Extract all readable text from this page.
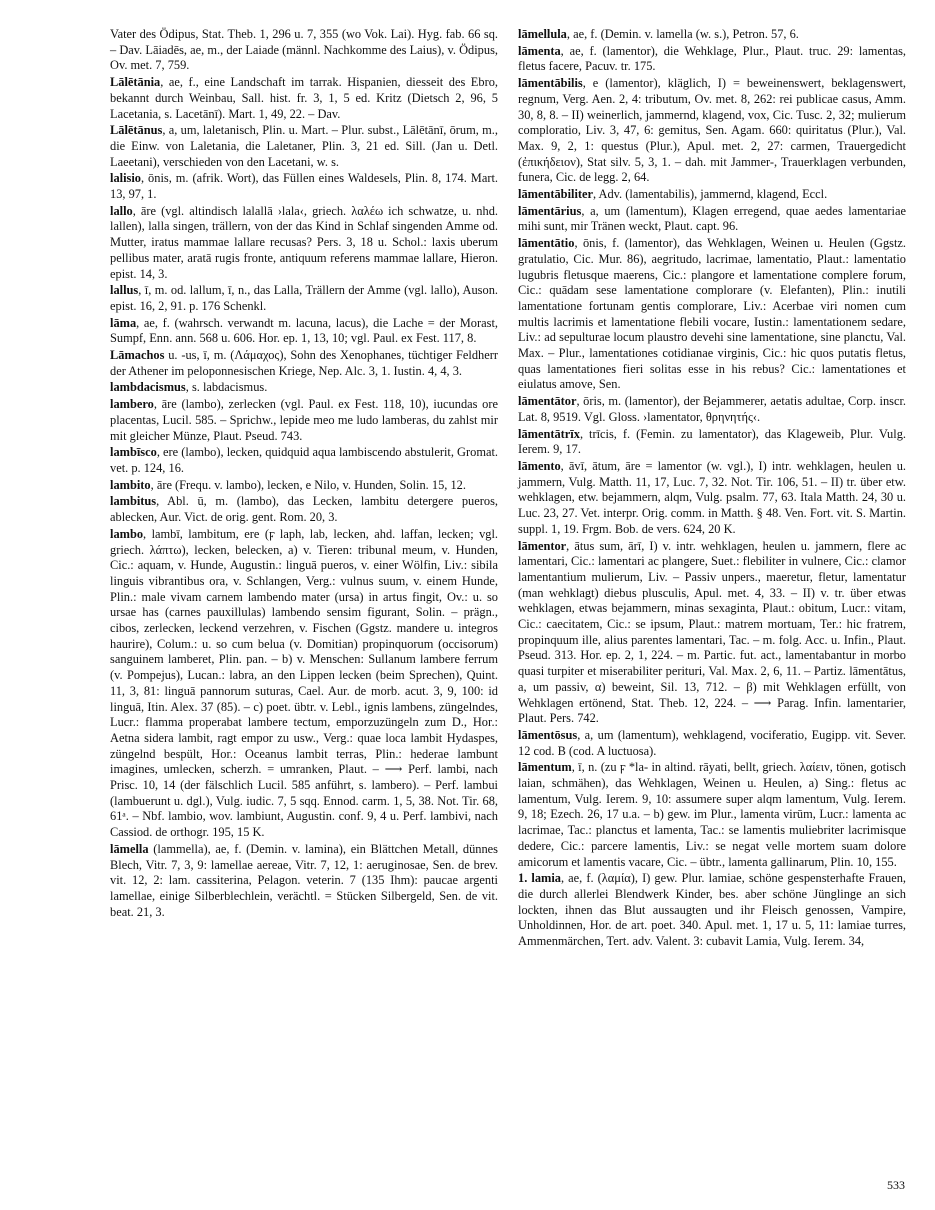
Vater des Ödipus, Stat. Theb. 1, 296 u. 7, 355 (wo Vok. Lai). Hyg. fab. 66 sq. – Dav. Lāiadēs, ae, m., der Laiade (männl. Nachkomme des Laius), v. Ödipus, Ov. met. 7, 759.
Lālētānia, ae, f., eine Landschaft im tarrak. Hispanien, diesseit des Ebro, bekannt durch Weinbau, Sall. hist. fr. 3, 1, 5 ed. Kritz (Dietsch 2, 96, 5 Lacetania, s. Lacetānī). Mart. 1, 49, 22. – Dav.
Lālētānus, a, um, laletanisch, Plin. u. Mart. – Plur. subst., Lālētānī, ōrum, m., die Einw. von Laletania, die Laletaner, Plin. 3, 21 ed. Sill. (Jan u. Detl. Laeetani), verschieden von den Lacetani, w. s.
lalisio, ōnis, m. (afrik. Wort), das Füllen eines Waldesels, Plin. 8, 174. Mart. 13, 97, 1.
lallo, āre (vgl. altindisch lalallā ›lala‹, griech. λαλέω ich schwatze, u. nhd. lallen), lalla singen, trällern, von der das Kind in Schlaf singenden Amme od. Mutter, iratus mammae lallare recusas? Pers. 3, 18 u. Schol.: laxis uberum pellibus mater, aratā rugis fronte, antiquum referens mammae lallare, Hieron. epist. 14, 3.
lallus, ī, m. od. lallum, ī, n., das Lalla, Trällern der Amme (vgl. lallo), Auson. epist. 16, 2, 91. p. 176 Schenkl.
lāma, ae, f. (wahrsch. verwandt m. lacuna, lacus), die Lache = der Morast, Sumpf, Enn. ann. 568 u. 606. Hor. ep. 1, 13, 10; vgl. Paul. ex Fest. 117, 8.
Lāmachos u. -us, ī, m. (Λάμαχος), Sohn des Xenophanes, tüchtiger Feldherr der Athener im peloponnesischen Kriege, Nep. Alc. 3, 1. Iustin. 4, 4, 3.
lambdacismus, s. labdacismus.
lambero, āre (lambo), zerlecken (vgl. Paul. ex Fest. 118, 10), iucundas ore placentas, Lucil. 585. – Sprichw., lepide meo me ludo lamberas, du zahlst mir mit gleicher Münze, Plaut. Pseud. 743.
lambīsco, ere (lambo), lecken, quidquid aqua lambiscendo abstulerit, Gromat. vet. p. 124, 16.
lambito, āre (Frequ. v. lambo), lecken, e Nilo, v. Hunden, Solin. 15, 12.
lambitus, Abl. ū, m. (lambo), das Lecken, lambitu detergere pueros, ablecken, Aur. Vict. de orig. gent. Rom. 20, 3.
lambo, lambī, lambitum, ere (ϝ laph, lab, lecken, ahd. laffan, lecken; vgl. griech. λάπτω), lecken, belecken, a) v. Tieren: tribunal meum, v. Hunden, Cic.: aquam, v. Hunde, Augustin.: linguā pueros, v. einer Wölfin, Liv.: sibila linguis vibrantibus ora, v. Schlangen, Verg.: vulnus suum, v. einem Hunde, Plin.: male vivam carnem lambendo mater (ursa) in artus fingit, Ov.: u. so ursae has (carnes pauxillulas) lambendo sensim figurant, Solin. – prägn., cibos, zerlecken, leckend verzehren, v. Fischen (Ggstz. mandere u. integros haurire), Colum.: u. so cum belua (v. Domitian) propinquorum (occisorum) sanguinem lamberet, Plin. pan. – b) v. Menschen: Sullanum lambere ferrum (v. Pompejus), Lucan.: labra, an den Lippen lecken (beim Sprechen), Quint. 11, 3, 81: linguā pannorum suturas, Cael. Aur. de morb. acut. 3, 9, 100: id linguā, Itin. Alex. 37 (85). – c) poet. übtr. v. Lebl., ignis lambens, züngelndes, Lucr.: flamma properabat lambere tectum, emporzuzüngeln zum D., Hor.: Aetna sidera lambit, ragt empor zu usw., Verg.: quae loca lambit Hydaspes, züngelnd bespült, Hor.: Oceanus lambit terras, Plin.: hederae lambunt imagines, umlecken, scherzh. = umranken, Plaut. – ⟶ Perf. lambi, nach Prisc. 10, 14 (der fälschlich Lucil. 585 anführt, s. lambero). – Perf. lambui (lambuerunt u. dgl.), Vulg. iudic. 7, 5 sqq. Ennod. carm. 1, 5, 38. Not. Tir. 68, 61ᵃ. – Nbf. lambio, wov. lambiunt, Augustin. conf. 9, 4 u. Perf. lambivi, nach Cassiod. de orthogr. 195, 15 K.
lāmella (lammella), ae, f. (Demin. v. lamina), ein Blättchen Metall, dünnes Blech, Vitr. 7, 3, 9: lamellae aereae, Vitr. 7, 12, 1: aeruginosae, Sen. de brev. vit. 12, 2: lam. cassiterina, Pelagon. veterin. 7 (135 Ihm): paucae argenti lamellae, einige Silberblechlein, verächtl. = Stücken Silbergeld, Sen. de vit. beat. 21, 3.
lāmellula, ae, f. (Demin. v. lamella (w. s.), Petron. 57, 6.
lāmenta, ae, f. (lamentor), die Wehklage, Plur., Plaut. truc. 29: lamentas, fletus facere, Pacuv. tr. 175.
lāmentābilis, e (lamentor), kläglich, I) = beweinenswert, beklagenswert, regnum, Verg. Aen. 2, 4: tributum, Ov. met. 8, 262: rei publicae casus, Amm. 30, 8, 8. – II) weinerlich, jammernd, klagend, vox, Cic. Tusc. 2, 32; mulierum comploratio, Liv. 3, 47, 6: gemitus, Sen. Agam. 660: quiritatus (Plur.), Val. Max. 9, 2, 1: questus (Plur.), Apul. met. 2, 27: carmen, Trauergedicht (ἐπικήδειον), Stat silv. 5, 3, 1. – dah. mit Jammer-, Trauerklagen verbunden, funera, Cic. de legg. 2, 64.
lāmentābiliter, Adv. (lamentabilis), jammernd, klagend, Eccl.
lāmentārius, a, um (lamentum), Klagen erregend, quae aedes lamentariae mihi sunt, mir Tränen weckt, Plaut. capt. 96.
lāmentātio, ōnis, f. (lamentor), das Wehklagen, Weinen u. Heulen (Ggstz. gratulatio, Cic. Mur. 86), aegritudo, lacrimae, lamentatio, Plaut.: lamentatio lugubris fletusque maerens, Cic.: plangore et lamentatione complere forum, Cic.: quādam sese lamentatione complorare (v. Elefanten), Plin.: inutili lamentatione fortunam gentis complorare, Liv.: Acerbae viri nomen cum multis lacrimis et lamentatione flebili vocare, Iustin.: lamentationem sedare, Liv.: ad sepulturae locum plaustro devehi sine lamentatione, sine planctu, Val. Max. – Plur., lamentationes cotidianae virginis, Cic.: hic quos putatis fletus, quas lamentationes fieri solitas esse in his rebus? Cic.: lamentationes et eiulatus amove, Sen.
lāmentātor, ōris, m. (lamentor), der Bejammerer, aetatis adultae, Corp. inscr. Lat. 8, 9519. Vgl. Gloss. ›lamentator, θρηνητής‹.
lāmentātrīx, trīcis, f. (Femin. zu lamentator), das Klageweib, Plur. Vulg. Ierem. 9, 17.
lāmento, āvī, ātum, āre = lamentor (w. vgl.), I) intr. wehklagen, heulen u. jammern, Vulg. Matth. 11, 17, Luc. 7, 32. Not. Tir. 106, 51. – II) tr. über etw. wehklagen, etw. bejammern, alqm, Vulg. psalm. 77, 63. Itala Matth. 24, 30 u. Luc. 23, 27. Vet. interpr. Orig. comm. in Matth. § 48. Ven. Fort. vit. S. Martin. suppl. 1, 19. Frgm. Bob. de vers. 624, 20 K.
lāmentor, ātus sum, ārī, I) v. intr. wehklagen, heulen u. jammern, flere ac lamentari, Cic.: lamentari ac plangere, Suet.: flebiliter in vulnere, Cic.: clamor lamentantium mulierum, Liv. – Passiv unpers., maeretur, fletur, lamentatur (man wehklagt) diebus plusculis, Apul. met. 4, 33. – II) v. tr. über etwas wehklagen, etwas bejammern, minas sexaginta, Plaut.: obitum, Lucr.: vitam, Cic.: caecitatem, Cic.: se ipsum, Plaut.: matrem mortuam, Ter.: hic fratrem, propinquum ille, alius parentes lamentari, Tac. – m. folg. Acc. u. Infin., Plaut. Pseud. 313. Hor. ep. 2, 1, 224. – m. Partic. fut. act., lamentabantur in morbo quasi turpiter et miserabiliter perituri, Val. Max. 2, 6, 11. – Partiz. lāmentātus, a, um passiv, α) beweint, Sil. 13, 712. – β) mit Wehklagen erfüllt, von Wehklagen ertönend, Stat. Theb. 12, 224. – ⟶ Parag. Infin. lamentarier, Plaut. Pers. 742.
lāmentōsus, a, um (lamentum), wehklagend, vociferatio, Eugipp. vit. Sever. 12 cod. B (cod. A luctuosa).
lāmentum, ī, n. (zu ϝ *la- in altind. rāyati, bellt, griech. λαίειν, tönen, gotisch laian, schmähen), das Wehklagen, Weinen u. Heulen, a) Sing.: fletus ac lamentum, Vulg. Ierem. 9, 10: assumere super alqm lamentum, Vulg. Ierem. 9, 18; Ezech. 26, 17 u.a. – b) gew. im Plur., lamenta virūm, Lucr.: lamenta ac lacrimae, Tac.: planctus et lamenta, Tac.: se lamentis muliebriter lacrimisque dedere, Cic.: parcere lamentis, Liv.: se negat velle mortem suam dolore amicorum et lamentis vacare, Cic. – übtr., lamenta gallinarum, Plin. 10, 155.
1. lamia, ae, f. (λαμία), I) gew. Plur. lamiae, schöne gespensterhafte Frauen, die durch allerlei Blendwerk Kinder, bes. aber schöne Jünglinge an sich lockten, ihnen das Blut aussaugten und ihr Fleisch genossen, Vampire, Unholdinnen, Hor. de art. poet. 340. Apul. met. 1, 17 u. 5, 11: lamiae turres, Ammenmärchen, Tert. adv. Valent. 3: cubavit Lamia, Vulg. Ierem. 34,
533
